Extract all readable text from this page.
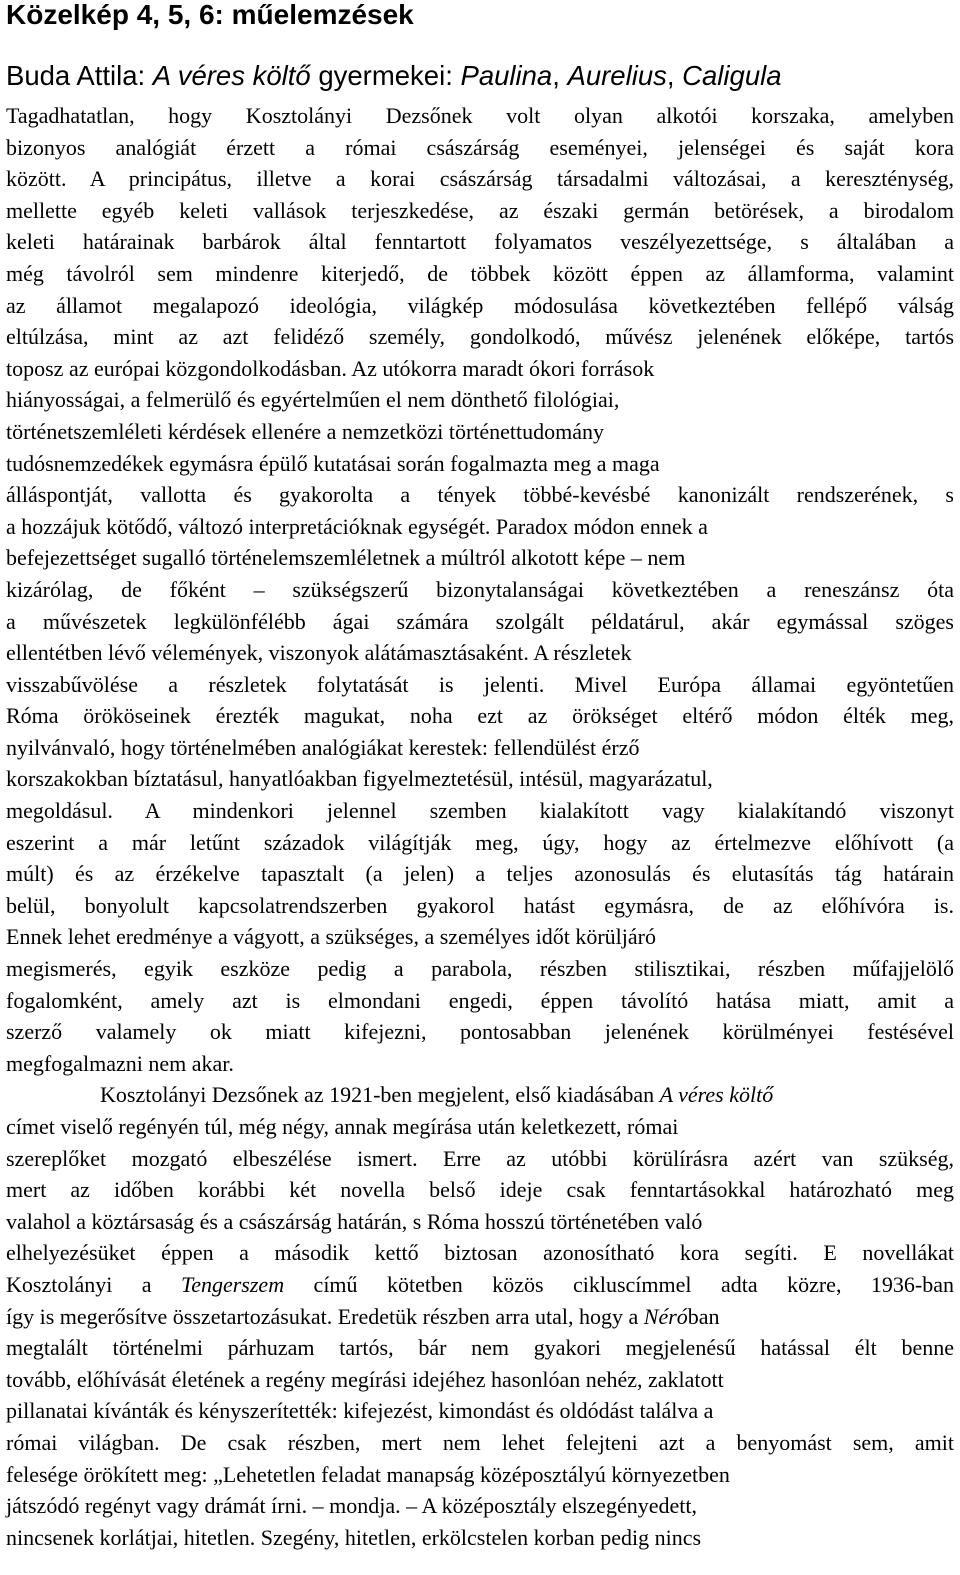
Közelkép 4, 5, 6: műelemzések
Buda Attila: A véres költő gyermekei: Paulina, Aurelius, Caligula

Tagadhatatlan, hogy Kosztolányi Dezsőnek volt olyan alkotói korszaka, amelyben
bizonyos analógiát érzett a római császárság eseményei, jelenségei és saját kora
között. A principátus, illetve a korai császárság társadalmi változásai, a kereszténység,
mellette egyéb keleti vallások terjeszkedése, az északi germán betörések, a birodalom
keleti határainak barbárok által fenntartott folyamatos veszélyezettsége, s általában a
még távolról sem mindenre kiterjedő, de többek között éppen az államforma, valamint
az államot megalapozó ideológia, világkép módosulása következtében fellépő válság
eltúlzása, mint az azt felidéző személy, gondolkodó, művész jelenének előképe, tartós
toposz az európai közgondolkodásban. Az utókorra maradt ókori források
hiányosságai, a felmerülő és egyértelműen el nem dönthető filológiai,
történetszemléleti kérdések ellenére a nemzetközi történettudomány
tudósnemzedékek egymásra épülő kutatásai során fogalmazta meg a maga
álláspontját, vallotta és gyakorolta a tények többé-kevésbé kanonizált rendszerének, s
a hozzájuk kötődő, változó interpretációknak egységét. Paradox módon ennek a
befejezettséget sugalló történelemszemléletnek a múltról alkotott képe – nem
kizárólag, de főként – szükségszerű bizonytalanságai következtében a reneszánsz óta
a művészetek legkülönfélébb ágai számára szolgált példatárul, akár egymással szöges
ellentétben lévő vélemények, viszonyok alátámasztásaként. A részletek
visszabűvölése a részletek folytatását is jelenti. Mivel Európa államai egyöntetűen
Róma örököseinek érezték magukat, noha ezt az örökséget eltérő módon élték meg,
nyilvánvaló, hogy történelmében analógiákat kerestek: fellendülést érző
korszakokban bíztatásul, hanyatlóakban figyelmeztetésül, intésül, magyarázatul,
megoldásul. A mindenkori jelennel szemben kialakított vagy kialakítandó viszonyt
eszerint a már letűnt századok világítják meg, úgy, hogy az értelmezve előhívott (a
múlt) és az érzékelve tapasztalt (a jelen) a teljes azonosulás és elutasítás tág határain
belül, bonyolult kapcsolatrendszerben gyakorol hatást egymásra, de az előhívóra is.
Ennek lehet eredménye a vágyott, a szükséges, a személyes időt körüljáró
megismerés, egyik eszköze pedig a parabola, részben stilisztikai, részben műfajjelölő
fogalomként, amely azt is elmondani engedi, éppen távolító hatása miatt, amit a
szerző valamely ok miatt kifejezni, pontosabban jelenének körülményei festésével
megfogalmazni nem akar.

Kosztolányi Dezsőnek az 1921-ben megjelent, első kiadásában A véres költő
címet viselő regényén túl, még négy, annak megírása után keletkezett, római
szereplőket mozgató elbeszélése ismert. Erre az utóbbi körülírásra azért van szükség,
mert az időben korábbi két novella belső ideje csak fenntartásokkal határozható meg
valahol a köztársaság és a császárság határán, s Róma hosszú történetében való
elhelyezésüket éppen a második kettő biztosan azonosítható kora segíti. E novellákat
Kosztolányi a Tengerszem című kötetben közös cikluscímmel adta közre, 1936-ban
így is megerősítve összetartozásukat. Eredetük részben arra utal, hogy a Néróban
megtalált történelmi párhuzam tartós, bár nem gyakori megjelenésű hatással élt benne
tovább, előhívását életének a regény megírási idejéhez hasonlóan nehéz, zaklatott
pillanatai kívánták és kényszerítették: kifejezést, kimondást és oldódást találva a
római világban. De csak részben, mert nem lehet felejteni azt a benyomást sem, amit
felesége örökített meg: „Lehetetlen feladat manapság középosztályú környezetben
játszódó regényt vagy drámát írni. – mondja. – A középosztály elszegényedett,
nincsenek korlátjai, hitetlen. Szegény, hitetlen, erkölcstelen korban pedig nincs
